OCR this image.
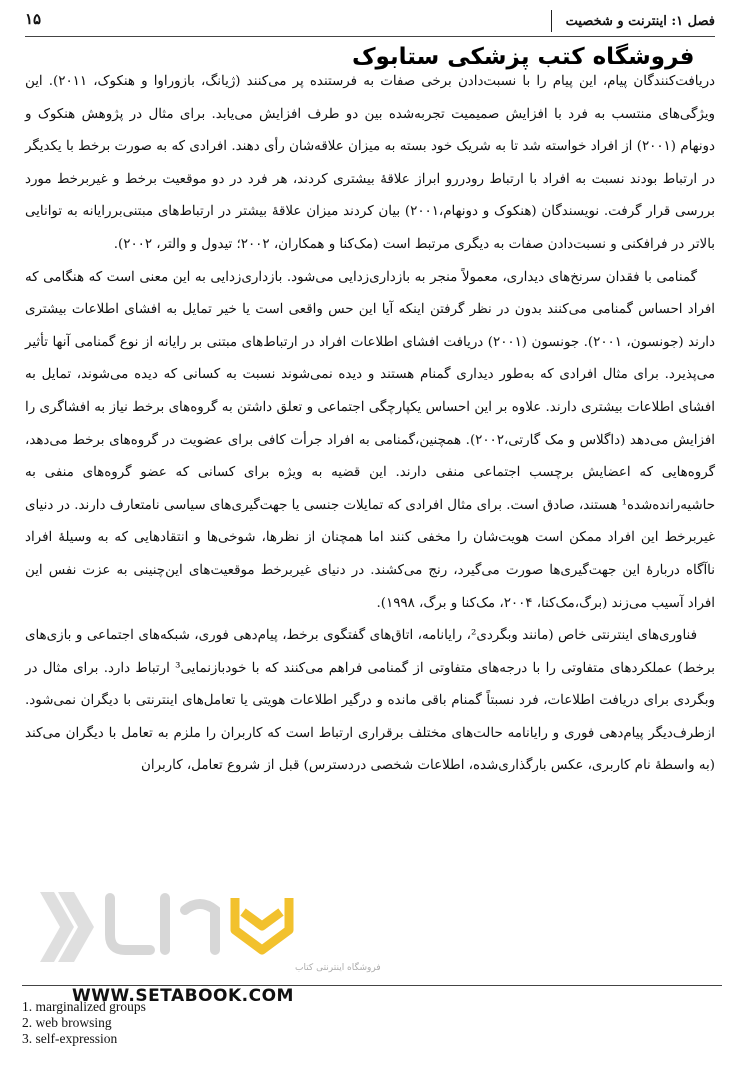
فصل ۱: اینترنت و شخصیت
۱۵
فروشگاه کتب پزشکی ستابوک

دریافت‌کنندگان پیام، این پیام را با نسبت‌دادن برخی صفات به فرستنده پر می‌کنند (ژیانگ، بازوراوا و هنکوک، ۲۰۱۱). این ویژگی‌های منتسب به فرد با افزایش صمیمیت تجربه‌شده بین دو طرف افزایش می‌یابد. برای مثال در پژوهش هنکوک و دونهام (۲۰۰۱) از افراد خواسته شد تا به شریک خود بسته به میزان علاقه‌شان رأی دهند. افرادی که به صورت برخط با یکدیگر در ارتباط بودند نسبت به افراد با ارتباط رودررو ابراز علاقهٔ بیشتری کردند، هر فرد در دو موقعیت برخط و غیربرخط مورد بررسی قرار گرفت. نویسندگان (هنکوک و دونهام،۲۰۰۱) بیان کردند میزان علاقهٔ بیشتر در ارتباط‌های مبتنی‌بررایانه به توانایی بالاتر در فرافکنی و نسبت‌دادن صفات به دیگری مرتبط است (مک‌کنا و همکاران، ۲۰۰۲؛ تیدول و والتر، ۲۰۰۲).

گمنامی با فقدان سرنخ‌های دیداری، معمولاً منجر به بازداری‌زدایی می‌شود. بازداری‌زدایی به این معنی است که هنگامی که افراد احساس گمنامی می‌کنند بدون در نظر گرفتن اینکه آیا این حس واقعی است یا خیر تمایل به افشای اطلاعات بیشتری دارند (جونسون، ۲۰۰۱). جونسون (۲۰۰۱) دریافت افشای اطلاعات افراد در ارتباط‌های مبتنی بر رایانه از نوع گمنامی آنها تأثیر می‌پذیرد. برای مثال افرادی که به‌طور دیداری گمنام هستند و دیده نمی‌شوند نسبت به کسانی که دیده می‌شوند، تمایل به افشای اطلاعات بیشتری دارند. علاوه بر این احساس یکپارچگی اجتماعی و تعلق داشتن به گروه‌های برخط نیاز به افشاگری را افزایش می‌دهد (داگلاس و مک گارتی،۲۰۰۲). همچنین،گمنامی به افراد جرأت کافی برای عضویت در گروه‌های برخط می‌دهد، گروه‌هایی که اعضایش برچسب اجتماعی منفی دارند. این قضیه به ویژه برای کسانی که عضو گروه‌های منفی به حاشیه‌رانده‌شده¹ هستند، صادق است. برای مثال افرادی که تمایلات جنسی یا جهت‌گیری‌های سیاسی نامتعارف دارند. در دنیای غیربرخط این افراد ممکن است هویت‌شان را مخفی کنند اما همچنان از نظرها، شوخی‌ها و انتقادهایی که به وسیلهٔ افراد ناآگاه دربارهٔ این جهت‌گیری‌ها صورت می‌گیرد، رنج می‌کشند. در دنیای غیربرخط موقعیت‌های این‌چنینی به عزت نفس این افراد آسیب می‌زند (برگ،مک‌کنا، ۲۰۰۴، مک‌کنا و برگ، ۱۹۹۸).

فناوری‌های اینترنتی خاص (مانند وبگردی²، رایانامه، اتاق‌های گفتگوی برخط، پیام‌دهی فوری، شبکه‌های اجتماعی و بازی‌های برخط) عملکردهای متفاوتی را با درجه‌های متفاوتی از گمنامی فراهم می‌کنند که با خودبازنمایی³ ارتباط دارد. برای مثال در وبگردی برای دریافت اطلاعات، فرد نسبتاً گمنام باقی مانده و درگیر اطلاعات هویتی یا تعامل‌های اینترنتی با دیگران نمی‌شود. ازطرف‌دیگر پیام‌دهی فوری و رایانامه حالت‌های مختلف برقراری ارتباط است که کاربران را ملزم به تعامل با دیگران می‌کند (به واسطهٔ نام کاربری، عکس بارگذاری‌شده، اطلاعات شخصی دردسترس) قبل از شروع تعامل، کاربران

فروشگاه اینترنتی کتاب
WWW.SETABOOK.COM
1. marginalized groups
2. web browsing
3. self-expression
